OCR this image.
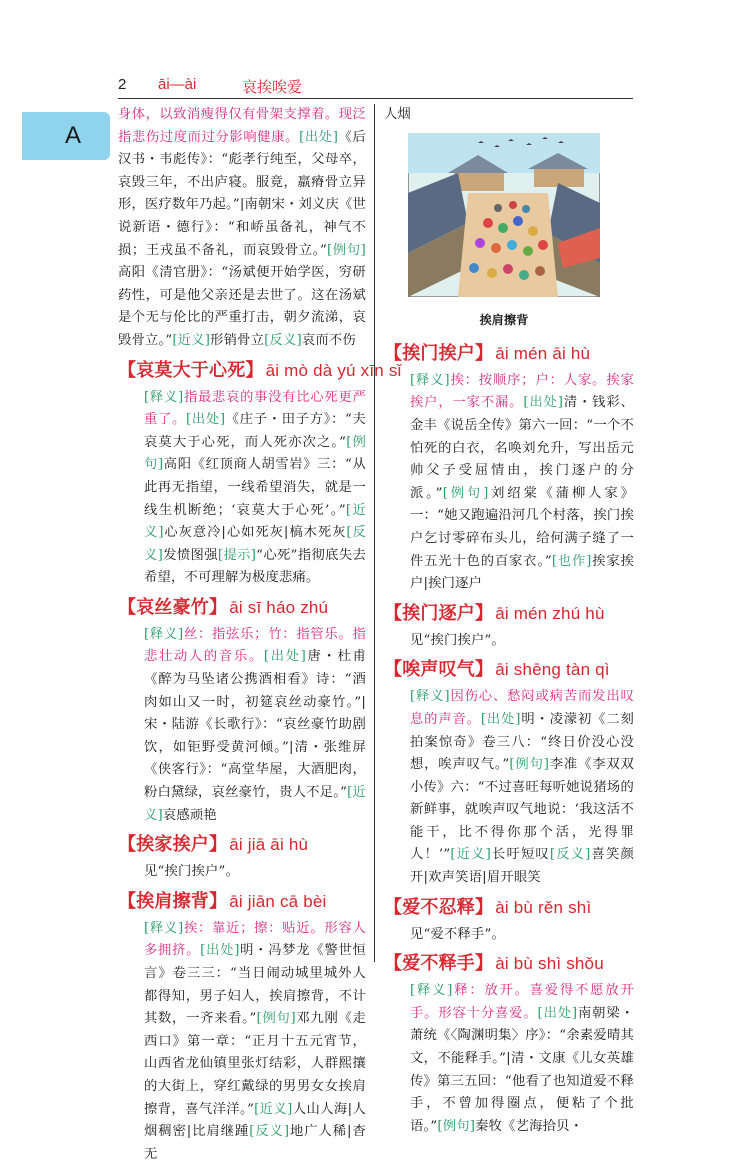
2 āi—ài	哀挨唉爱
A

身体，以致消瘦得仅有骨架支撑着。现泛指悲伤过度而过分影响健康。[出处]《后汉书・韦彪传》：“彪孝行纯至，父母卒，哀毁三年，不出庐寝。服竟，羸瘠骨立异形，医疗数年乃起。”|南朝宋・刘义庆《世说新语・德行》：“和峤虽备礼，神气不损；王戎虽不备礼，而哀毁骨立。”[例句]高阳《清官册》：“汤斌便开始学医，穷研药性，可是他父亲还是去世了。这在汤斌是个无与伦比的严重打击，朝夕流涕，哀毁骨立。”[近义]形销骨立[反义]哀而不伤

【哀莫大于心死】 āi mò dà yú xīn sǐ

[释义]指最悲哀的事没有比心死更严重了。[出处]《庄子・田子方》：“夫哀莫大于心死，而人死亦次之。”[例句]高阳《红顶商人胡雪岩》三：“从此再无指望，一线希望消失，就是一线生机断绝；‘哀莫大于心死’。”[近义]心灰意冷|心如死灰|槁木死灰[反义]发愤图强[提示]“心死”指彻底失去希望，不可理解为极度悲痛。

【哀丝豪竹】 āi sī háo zhú

[释义]丝：指弦乐；竹：指管乐。指悲壮动人的音乐。[出处]唐・杜甫《醉为马坠诸公携酒相看》诗：“酒肉如山又一时，初筵哀丝动豪竹。”|宋・陆游《长歌行》：“哀丝豪竹助剧饮，如钜野受黄河倾。”|清・张维屏《侠客行》：“高堂华屋，大酒肥肉，粉白黛绿，哀丝豪竹，贵人不足。”[近义]哀感顽艳

【挨家挨户】 āi jiā āi hù

见“挨门挨户”。

【挨肩擦背】 āi jiān cā bèi

[释义]挨：靠近；擦：贴近。形容人多拥挤。[出处]明・冯梦龙《警世恒言》卷三三：“当日闹动城里城外人都得知，男子妇人，挨肩擦背，不计其数，一齐来看。”[例句]邓九刚《走西口》第一章：“正月十五元宵节，山西省龙仙镇里张灯结彩，人群熙攘的大街上，穿红戴绿的男男女女挨肩擦背，喜气洋洋。”[近义]人山人海|人烟稠密|比肩继踵[反义]地广人稀|杳无

人烟

挨肩擦背
【挨门挨户】 āi mén āi hù

[释义]挨：按顺序；户：人家。挨家挨户，一家不漏。[出处]清・钱彩、金丰《说岳全传》第六一回：“一个不怕死的白衣，名唤刘允升，写出岳元帅父子受屈情由，挨门逐户的分派。”[例句]刘绍棠《蒲柳人家》一：“她又跑遍沿河几个村落，挨门挨户乞讨零碎布头儿，给何满子缝了一件五光十色的百家衣。”[也作]挨家挨户|挨门逐户

【挨门逐户】 āi mén zhú hù

见“挨门挨户”。

【唉声叹气】 āi shēng tàn qì

[释义]因伤心、愁闷或病苦而发出叹息的声音。[出处]明・凌濛初《二刻拍案惊奇》卷三八：“终日价没心没想，唉声叹气。”[例句]李准《李双双小传》六：“不过喜旺每听她说猪场的新鲜事，就唉声叹气地说：‘我这活不能干，比不得你那个活，光得罪人！’”[近义]长吁短叹[反义]喜笑颜开|欢声笑语|眉开眼笑

【爱不忍释】 ài bù rěn shì

见“爱不释手”。

【爱不释手】 ài bù shì shǒu

[释义]释：放开。喜爱得不愿放开手。形容十分喜爱。[出处]南朝梁・萧统《〈陶渊明集〉序》：“余素爱晴其文，不能释手。”|清・文康《儿女英雄传》第三五回：“他看了也知道爱不释手，不曾加得圈点，便粘了个批语。”[例句]秦牧《艺海拾贝・
